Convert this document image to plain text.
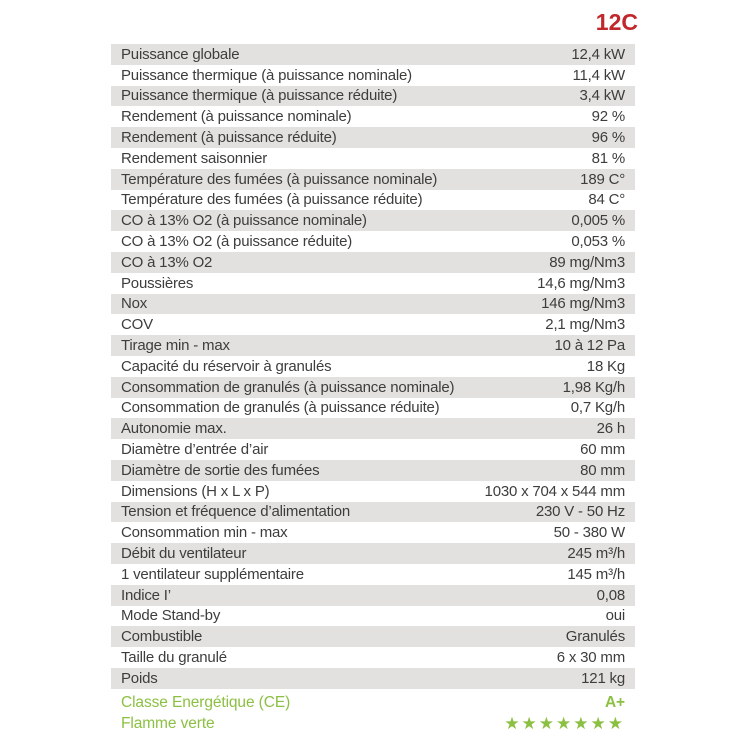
12C
Puissance globale	12,4 kW
Puissance thermique (à puissance nominale)	11,4 kW
Puissance thermique (à puissance réduite)	3,4 kW
Rendement (à puissance nominale)	92 %
Rendement (à puissance réduite)	96 %
Rendement saisonnier	81 %
Température des fumées (à puissance nominale)	189 C°
Température des fumées (à puissance réduite)	84 C°
CO à 13% O2 (à puissance nominale)	0,005 %
CO à 13% O2 (à puissance réduite)	0,053 %
CO à 13% O2	89 mg/Nm3
Poussières	14,6 mg/Nm3
Nox	146 mg/Nm3
COV	2,1 mg/Nm3
Tirage min - max	10 à 12 Pa
Capacité du réservoir à granulés	18 Kg
Consommation de granulés (à puissance nominale)	1,98 Kg/h
Consommation de granulés (à puissance réduite)	0,7 Kg/h
Autonomie max.	26 h
Diamètre d’entrée d’air	60 mm
Diamètre de sortie des fumées	80 mm
Dimensions (H x L x P)	1030 x 704 x 544 mm
Tension et fréquence d’alimentation	230 V - 50 Hz
Consommation min - max	50 - 380 W
Débit du ventilateur	245 m³/h
1 ventilateur supplémentaire	145 m³/h
Indice I’	0,08
Mode Stand-by	oui
Combustible	Granulés
Taille du granulé	6 x 30 mm
Poids	121 kg
Classe Energétique (CE)	A+
Flamme verte	★★★★★★★
